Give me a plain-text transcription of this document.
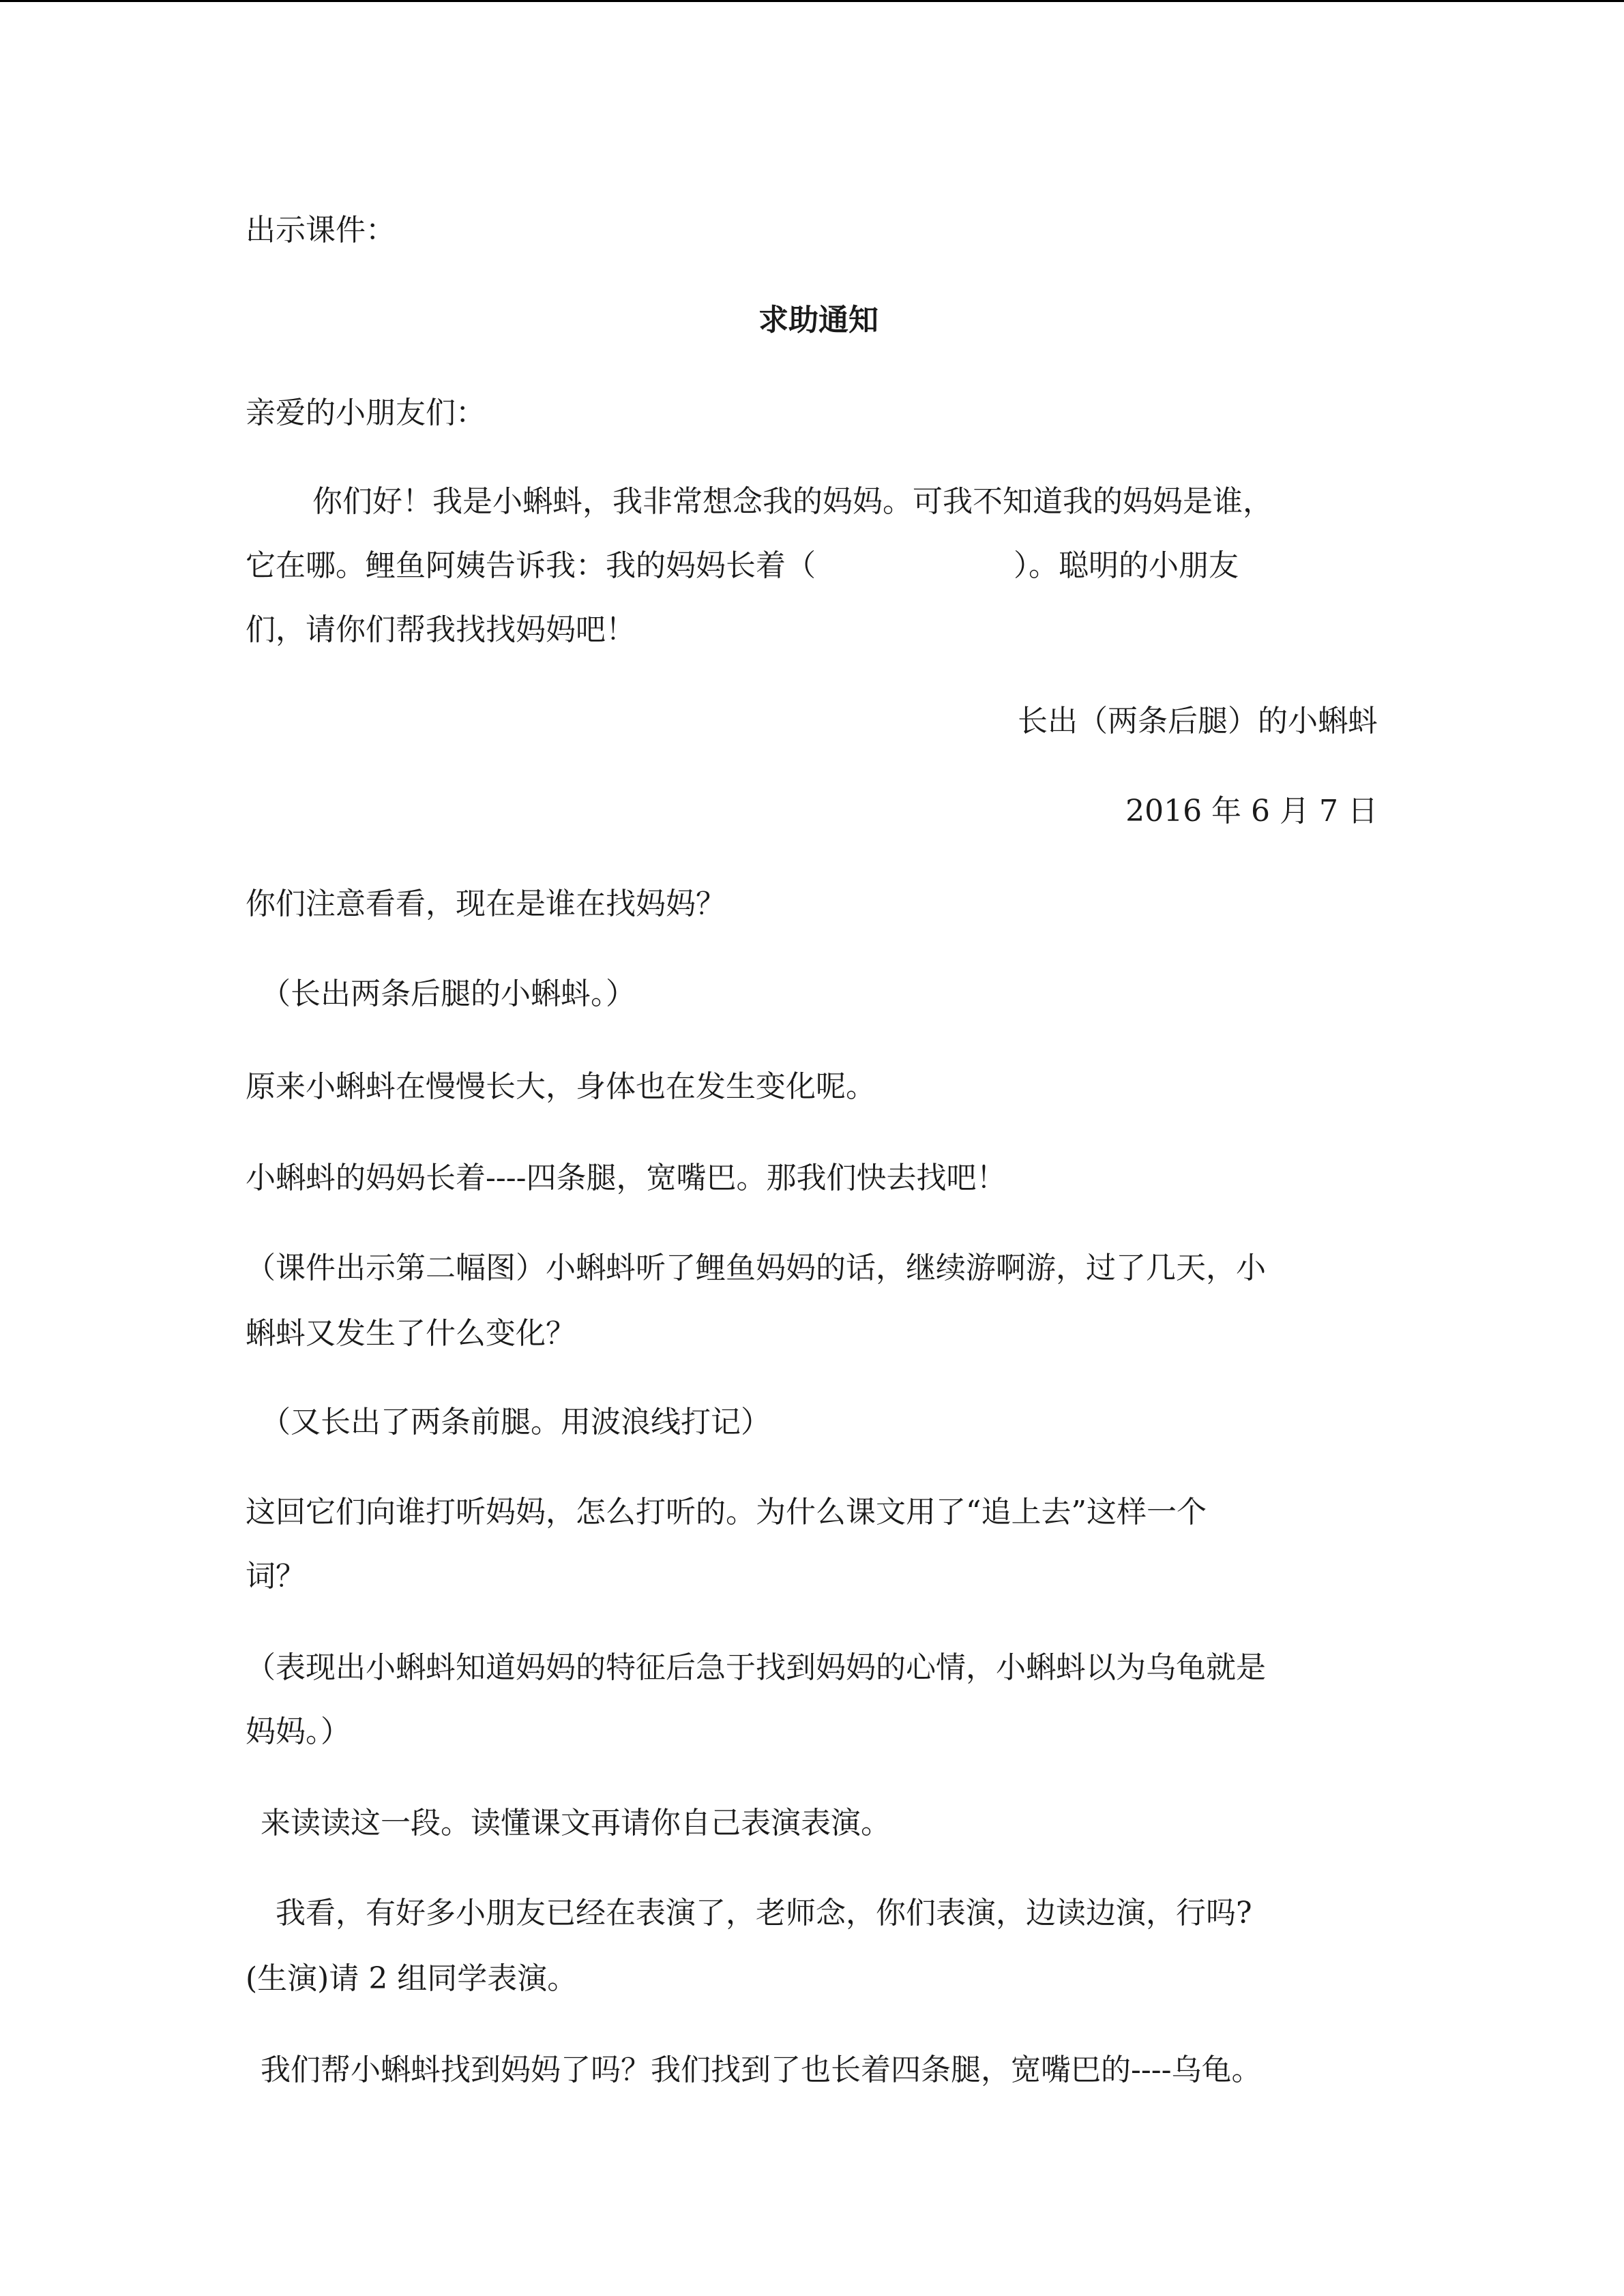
出示课件：

求助通知

亲爱的小朋友们：

你们好！我是小蝌蚪，我非常想念我的妈妈。可我不知道我的妈妈是谁，

它在哪。鲤鱼阿姨告诉我：我的妈妈长着（	）。聪明的小朋友

们，请你们帮我找找妈妈吧！

长出（两条后腿）的小蝌蚪

2016 年 6 月 7 日

你们注意看看，现在是谁在找妈妈？

（长出两条后腿的小蝌蚪。）

原来小蝌蚪在慢慢长大，身体也在发生变化呢。

小蝌蚪的妈妈长着----四条腿，宽嘴巴。那我们快去找吧！

（课件出示第二幅图）小蝌蚪听了鲤鱼妈妈的话，继续游啊游，过了几天，小

蝌蚪又发生了什么变化？

（又长出了两条前腿。用波浪线打记）

这回它们向谁打听妈妈，怎么打听的。为什么课文用了“追上去”这样一个

词？

（表现出小蝌蚪知道妈妈的特征后急于找到妈妈的心情，小蝌蚪以为乌龟就是

妈妈。）

来读读这一段。读懂课文再请你自己表演表演。

我看，有好多小朋友已经在表演了，老师念，你们表演，边读边演，行吗?

(生演)请 2 组同学表演。

我们帮小蝌蚪找到妈妈了吗？我们找到了也长着四条腿，宽嘴巴的----乌龟。
